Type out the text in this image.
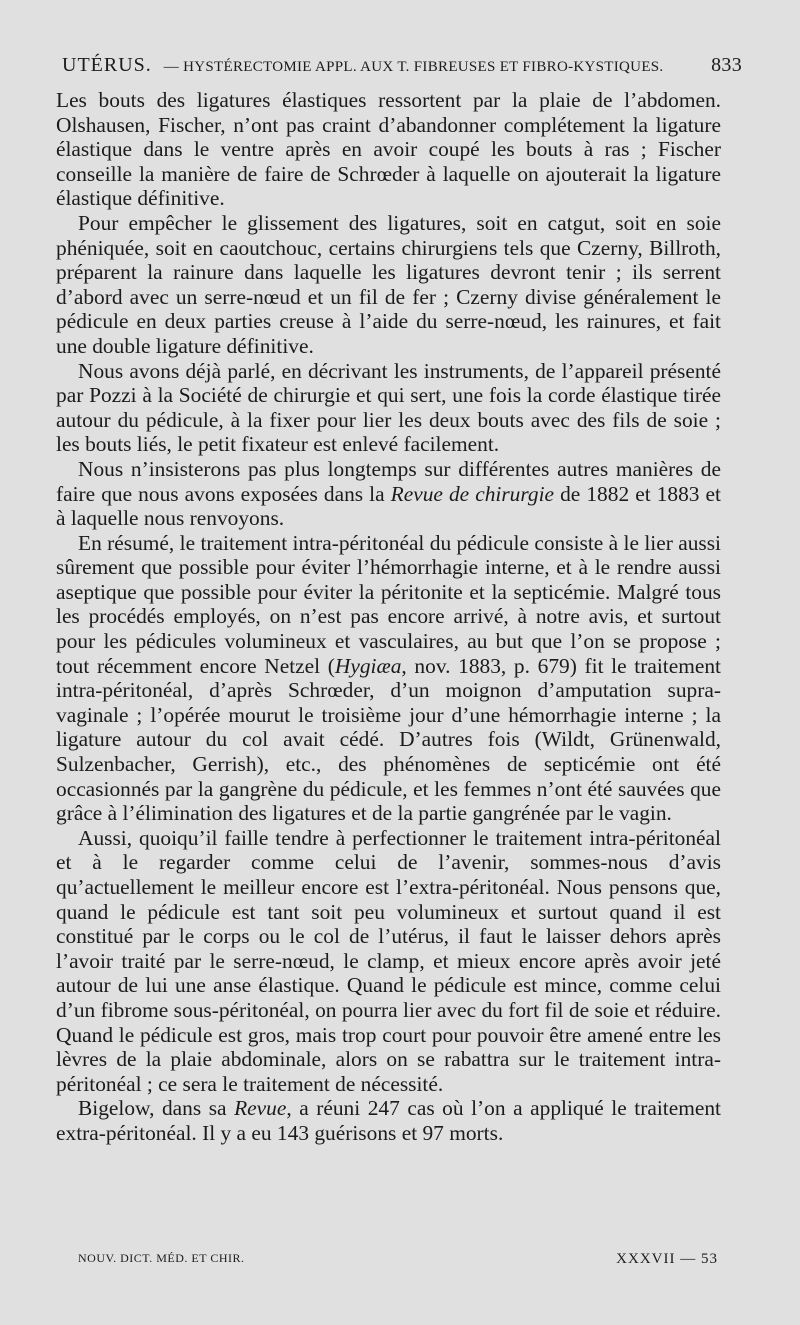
UTÉRUS. — HYSTÉRECTOMIE APPL. AUX T. FIBREUSES ET FIBRO-KYSTIQUES.	833

Les bouts des ligatures élastiques ressortent par la plaie de l’abdomen. Olshausen, Fischer, n’ont pas craint d’abandonner complétement la ligature élastique dans le ventre après en avoir coupé les bouts à ras ; Fischer conseille la manière de faire de Schrœder à laquelle on ajouterait la ligature élastique définitive.

Pour empêcher le glissement des ligatures, soit en catgut, soit en soie phéniquée, soit en caoutchouc, certains chirurgiens tels que Czerny, Billroth, préparent la rainure dans laquelle les ligatures devront tenir ; ils serrent d’abord avec un serre-nœud et un fil de fer ; Czerny divise généralement le pédicule en deux parties creuse à l’aide du serre-nœud, les rainures, et fait une double ligature définitive.

Nous avons déjà parlé, en décrivant les instruments, de l’appareil présenté par Pozzi à la Société de chirurgie et qui sert, une fois la corde élastique tirée autour du pédicule, à la fixer pour lier les deux bouts avec des fils de soie ; les bouts liés, le petit fixateur est enlevé facilement.

Nous n’insisterons pas plus longtemps sur différentes autres manières de faire que nous avons exposées dans la Revue de chirurgie de 1882 et 1883 et à laquelle nous renvoyons.

En résumé, le traitement intra-péritonéal du pédicule consiste à le lier aussi sûrement que possible pour éviter l’hémorrhagie interne, et à le rendre aussi aseptique que possible pour éviter la péritonite et la septicémie. Malgré tous les procédés employés, on n’est pas encore arrivé, à notre avis, et surtout pour les pédicules volumineux et vasculaires, au but que l’on se propose ; tout récemment encore Netzel (Hygiæa, nov. 1883, p. 679) fit le traitement intra-péritonéal, d’après Schrœder, d’un moignon d’amputation supra-vaginale ; l’opérée mourut le troisième jour d’une hémorrhagie interne ; la ligature autour du col avait cédé. D’autres fois (Wildt, Grünenwald, Sulzenbacher, Gerrish), etc., des phénomènes de septicémie ont été occasionnés par la gangrène du pédicule, et les femmes n’ont été sauvées que grâce à l’élimination des ligatures et de la partie gangrénée par le vagin.

Aussi, quoiqu’il faille tendre à perfectionner le traitement intra-péritonéal et à le regarder comme celui de l’avenir, sommes-nous d’avis qu’actuellement le meilleur encore est l’extra-péritonéal. Nous pensons que, quand le pédicule est tant soit peu volumineux et surtout quand il est constitué par le corps ou le col de l’utérus, il faut le laisser dehors après l’avoir traité par le serre-nœud, le clamp, et mieux encore après avoir jeté autour de lui une anse élastique. Quand le pédicule est mince, comme celui d’un fibrome sous-péritonéal, on pourra lier avec du fort fil de soie et réduire. Quand le pédicule est gros, mais trop court pour pouvoir être amené entre les lèvres de la plaie abdominale, alors on se rabattra sur le traitement intra-péritonéal ; ce sera le traitement de nécessité.

Bigelow, dans sa Revue, a réuni 247 cas où l’on a appliqué le traitement extra-péritonéal. Il y a eu 143 guérisons et 97 morts.

NOUV. DICT. MÉD. ET CHIR.	XXXVII — 53
